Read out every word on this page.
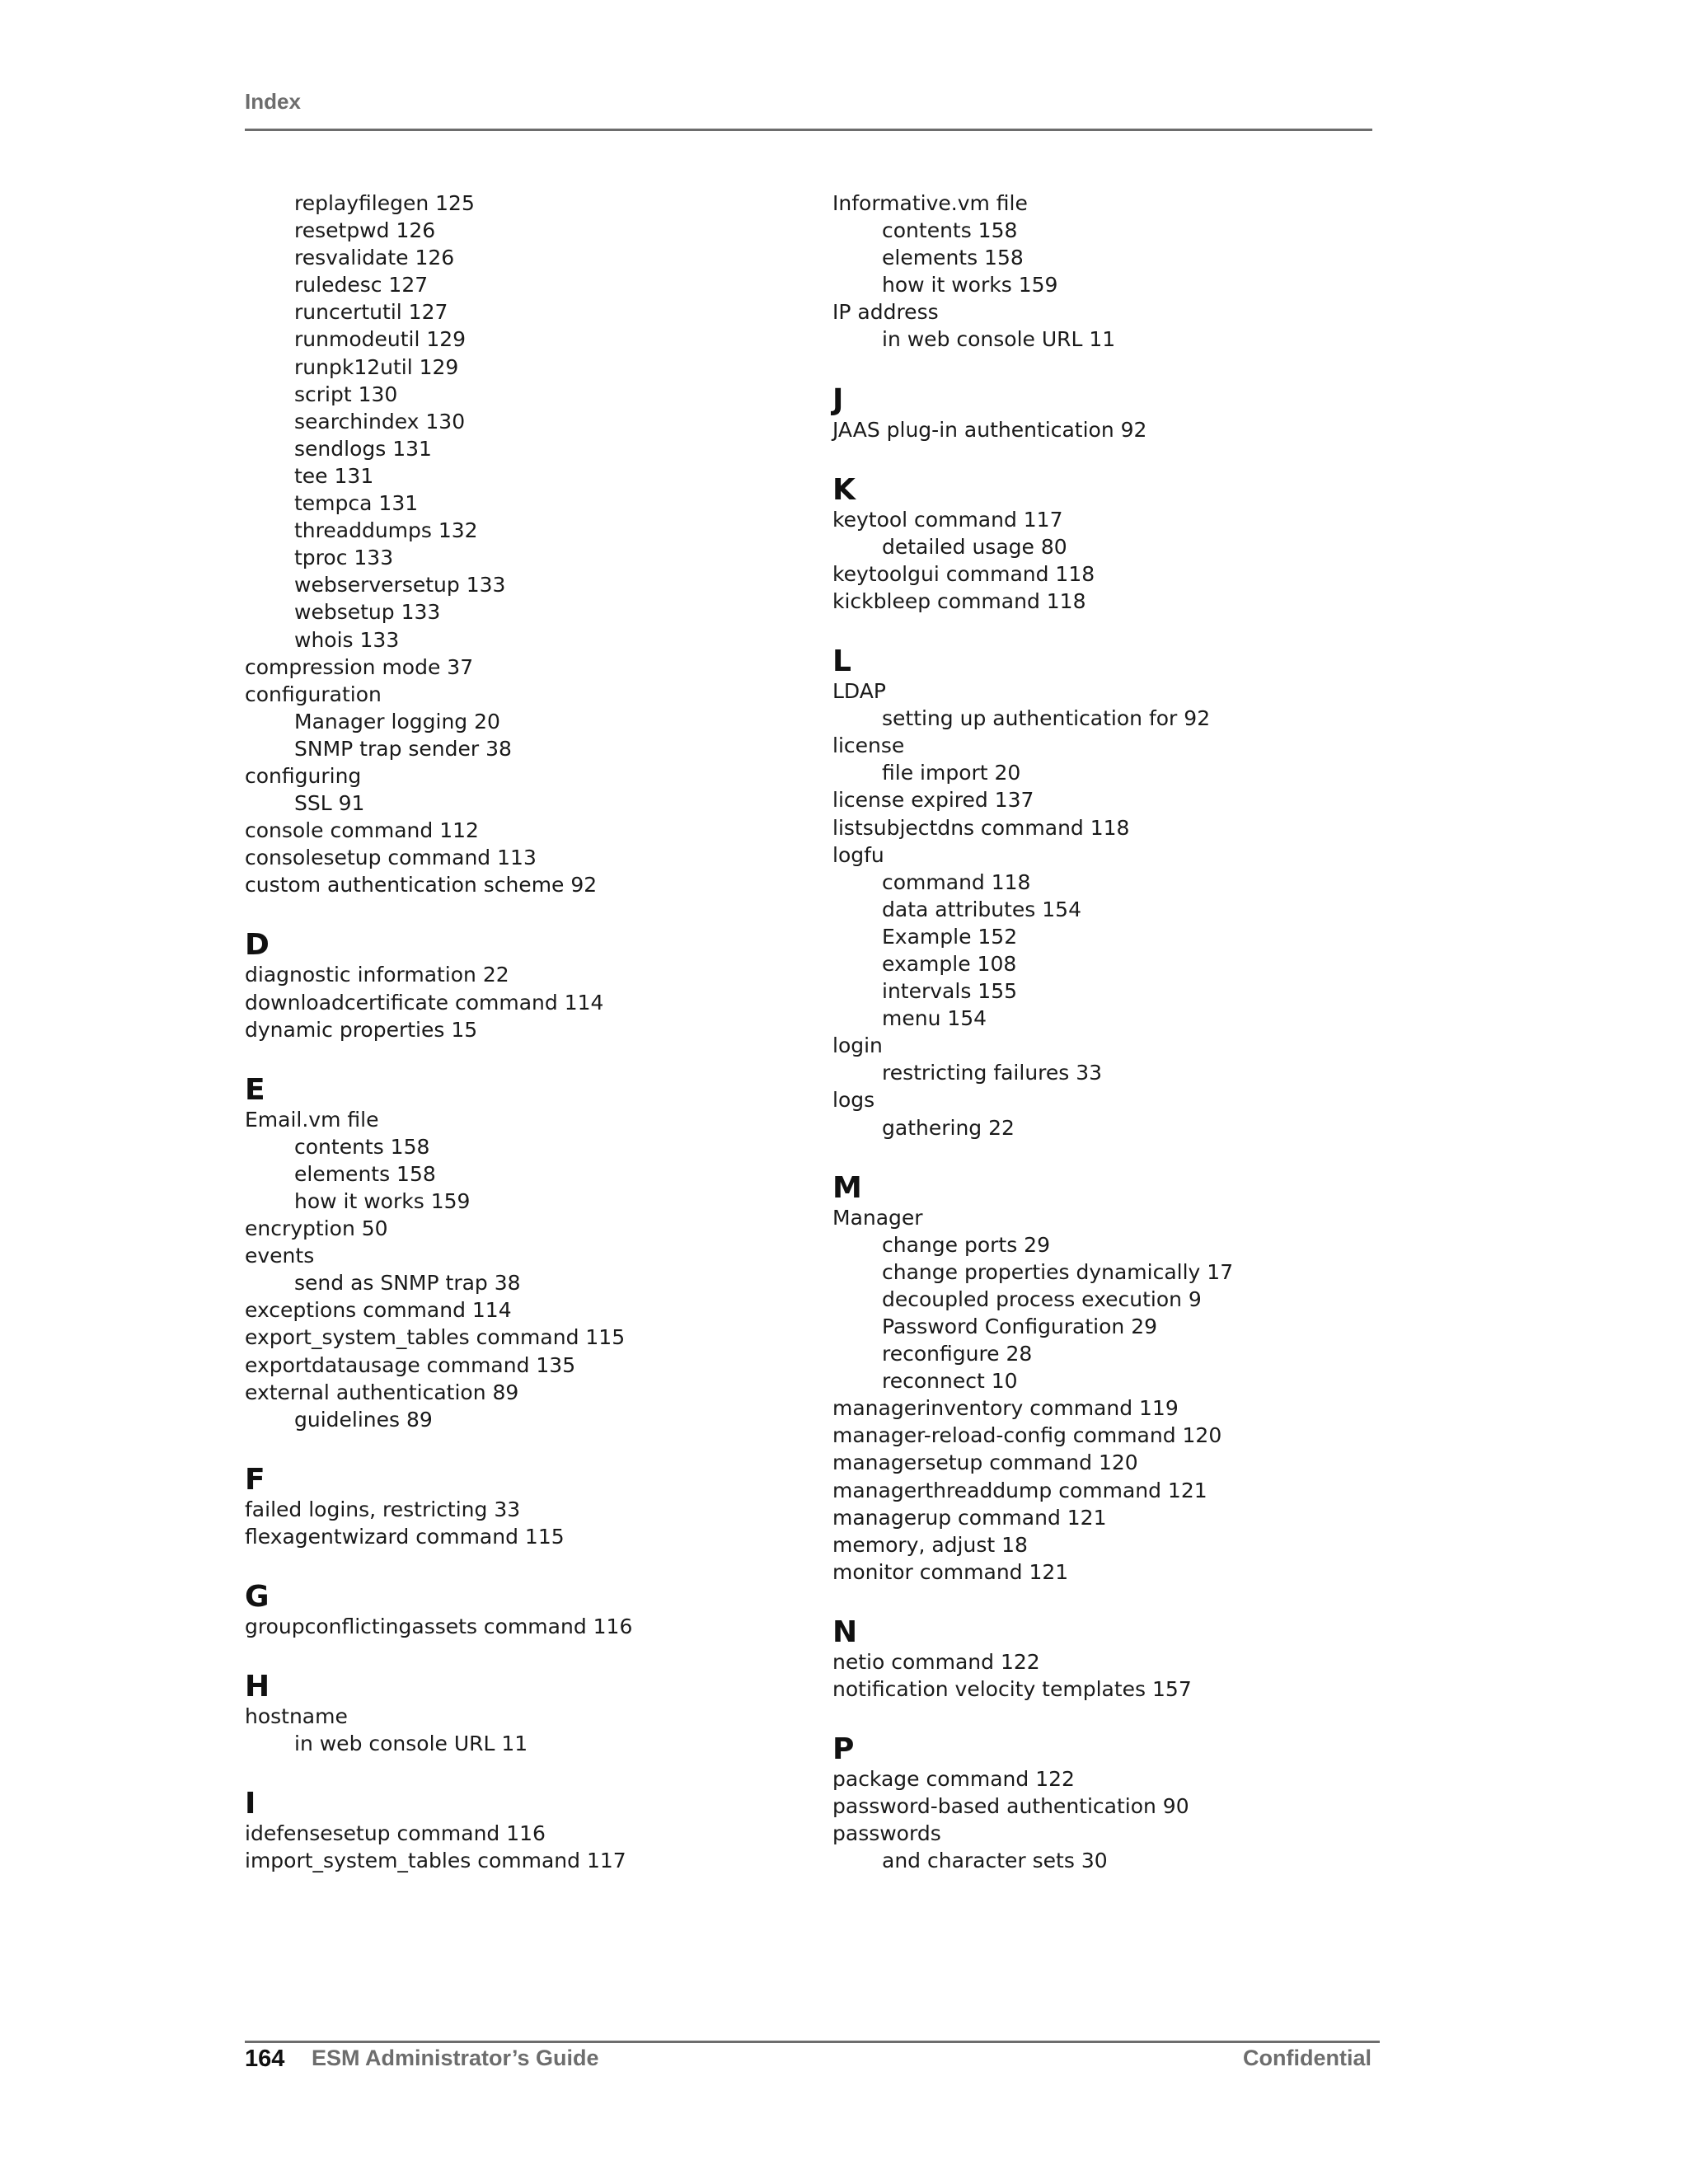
Index
replayfilegen 125
resetpwd 126
resvalidate 126
ruledesc 127
runcertutil 127
runmodeutil 129
runpk12util 129
script 130
searchindex 130
sendlogs 131
tee 131
tempca 131
threaddumps 132
tproc 133
webserversetup 133
websetup 133
whois 133
compression mode 37
configuration
Manager logging 20
SNMP trap sender 38
configuring
SSL 91
console command 112
consolesetup command 113
custom authentication scheme 92
D
diagnostic information 22
downloadcertificate command 114
dynamic properties 15
E
Email.vm file
contents 158
elements 158
how it works 159
encryption 50
events
send as SNMP trap 38
exceptions command 114
export_system_tables command 115
exportdatausage command 135
external authentication 89
guidelines 89
F
failed logins, restricting 33
flexagentwizard command 115
G
groupconflictingassets command 116
H
hostname
in web console URL 11
I
idefensesetup command 116
import_system_tables command 117
Informative.vm file
contents 158
elements 158
how it works 159
IP address
in web console URL 11
J
JAAS plug-in authentication 92
K
keytool command 117
detailed usage 80
keytoolgui command 118
kickbleep command 118
L
LDAP
setting up authentication for 92
license
file import 20
license expired 137
listsubjectdns command 118
logfu
command 118
data attributes 154
Example 152
example 108
intervals 155
menu 154
login
restricting failures 33
logs
gathering 22
M
Manager
change ports 29
change properties dynamically 17
decoupled process execution 9
Password Configuration 29
reconfigure 28
reconnect 10
managerinventory command 119
manager-reload-config command 120
managersetup command 120
managerthreaddump command 121
managerup command 121
memory, adjust 18
monitor command 121
N
netio command 122
notification velocity templates 157
P
package command 122
password-based authentication 90
passwords
and character sets 30
164 ESM Administrator’s Guide	Confidential
